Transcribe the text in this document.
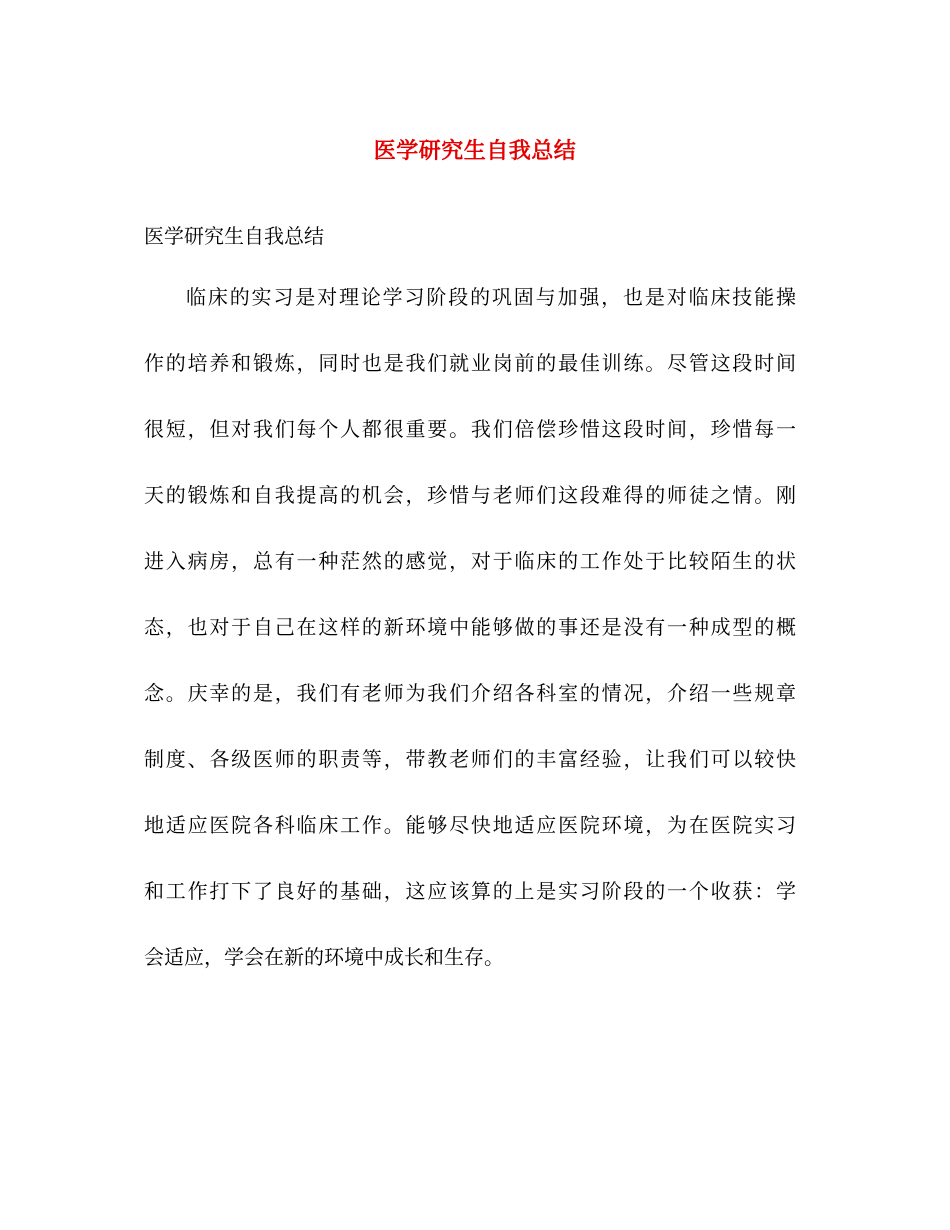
医学研究生自我总结
医学研究生自我总结
临床的实习是对理论学习阶段的巩固与加强，也是对临床技能操
作的培养和锻炼，同时也是我们就业岗前的最佳训练。尽管这段时间
很短，但对我们每个人都很重要。我们倍偿珍惜这段时间，珍惜每一
天的锻炼和自我提高的机会，珍惜与老师们这段难得的师徒之情。刚
进入病房，总有一种茫然的感觉，对于临床的工作处于比较陌生的状
态，也对于自己在这样的新环境中能够做的事还是没有一种成型的概
念。庆幸的是，我们有老师为我们介绍各科室的情况，介绍一些规章
制度、各级医师的职责等，带教老师们的丰富经验，让我们可以较快
地适应医院各科临床工作。能够尽快地适应医院环境，为在医院实习
和工作打下了良好的基础，这应该算的上是实习阶段的一个收获：学
会适应，学会在新的环境中成长和生存。
